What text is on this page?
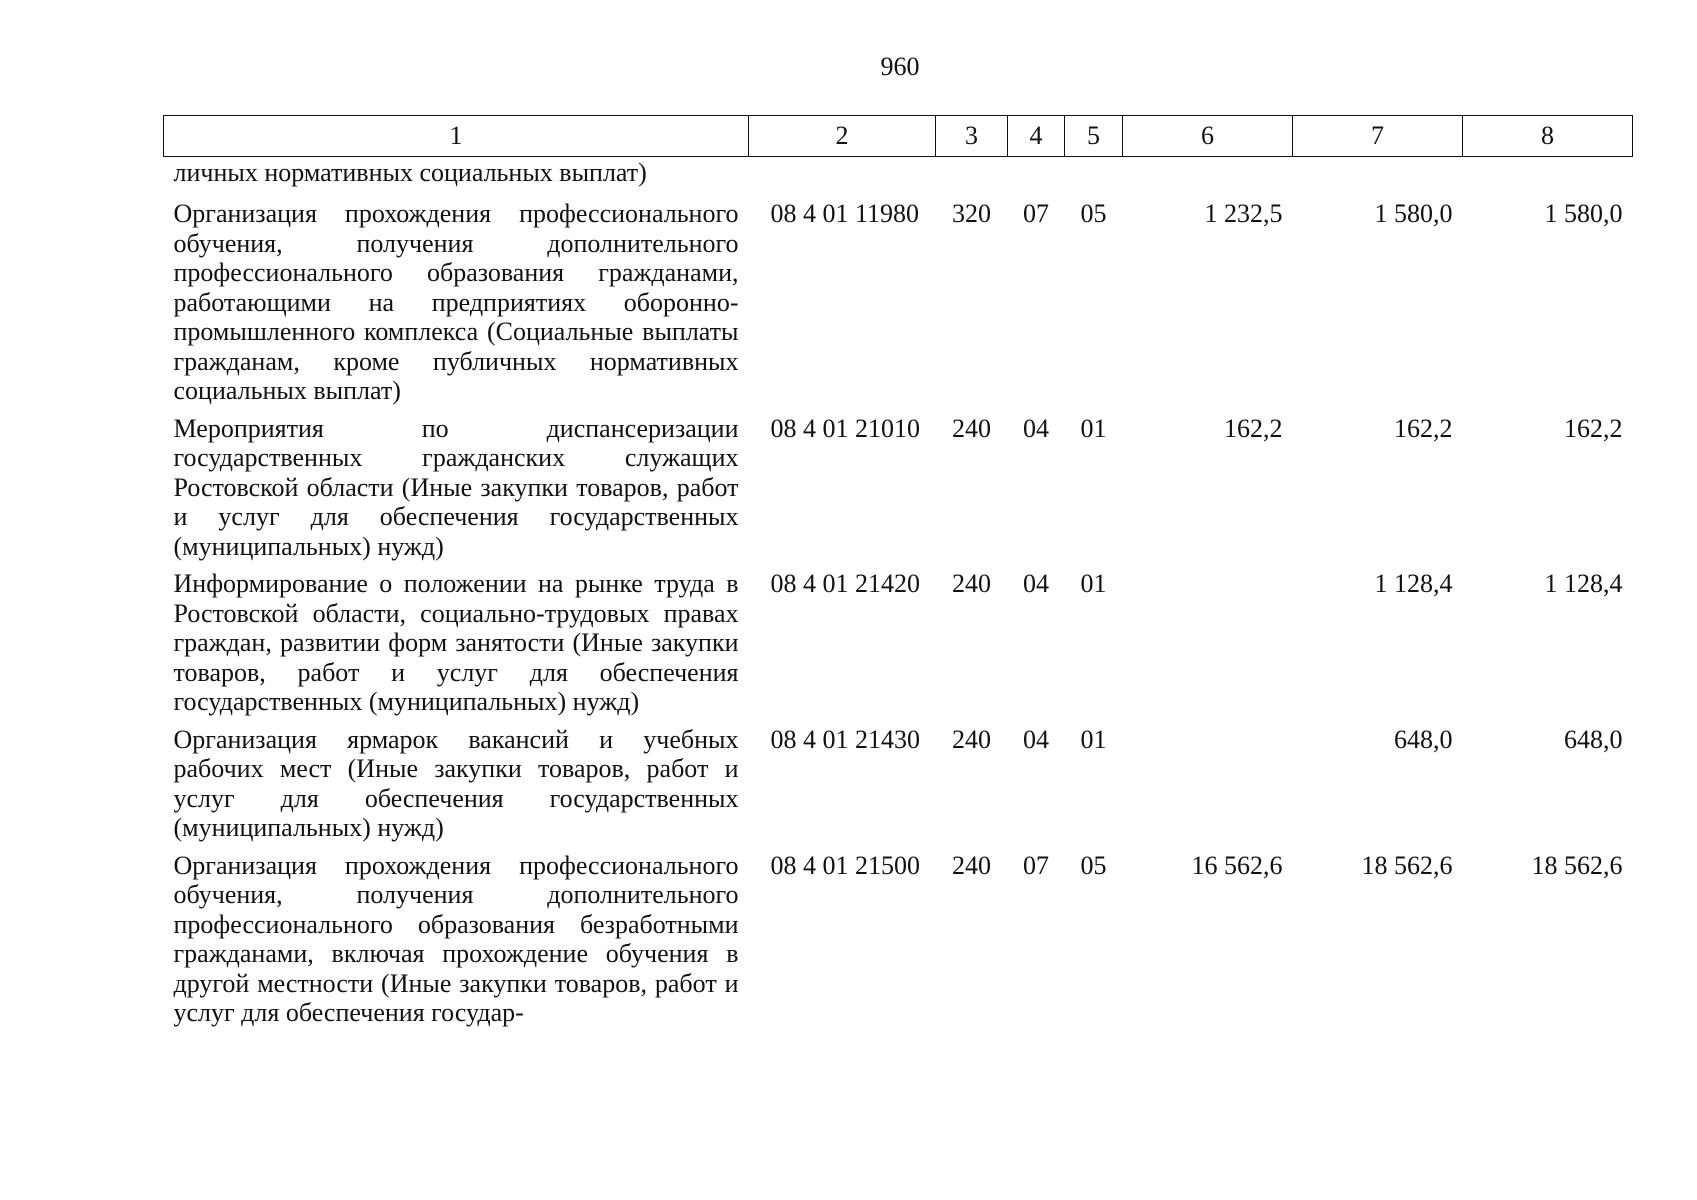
960
1	2	3	4	5	6	7	8
личных нормативных социальных выплат)							
Организация прохождения профессионального обучения, получения дополнительного профессионального образования гражданами, работающими на предприятиях оборонно-промышленного комплекса (Социальные выплаты гражданам, кроме публичных нормативных социальных выплат)	08 4 01 11980	320	07	05	1 232,5	1 580,0	1 580,0
Мероприятия по диспансеризации государственных гражданских служащих Ростовской области (Иные закупки товаров, работ и услуг для обеспечения государственных (муниципальных) нужд)	08 4 01 21010	240	04	01	162,2	162,2	162,2
Информирование о положении на рынке труда в Ростовской области, социально-трудовых правах граждан, развитии форм занятости (Иные закупки товаров, работ и услуг для обеспечения государственных (муниципальных) нужд)	08 4 01 21420	240	04	01		1 128,4	1 128,4
Организация ярмарок вакансий и учебных рабочих мест (Иные закупки товаров, работ и услуг для обеспечения государственных (муниципальных) нужд)	08 4 01 21430	240	04	01		648,0	648,0
Организация прохождения профессионального обучения, получения дополнительного профессионального образования безработными гражданами, включая прохождение обучения в другой местности (Иные закупки товаров, работ и услуг для обеспечения государ-	08 4 01 21500	240	07	05	16 562,6	18 562,6	18 562,6
